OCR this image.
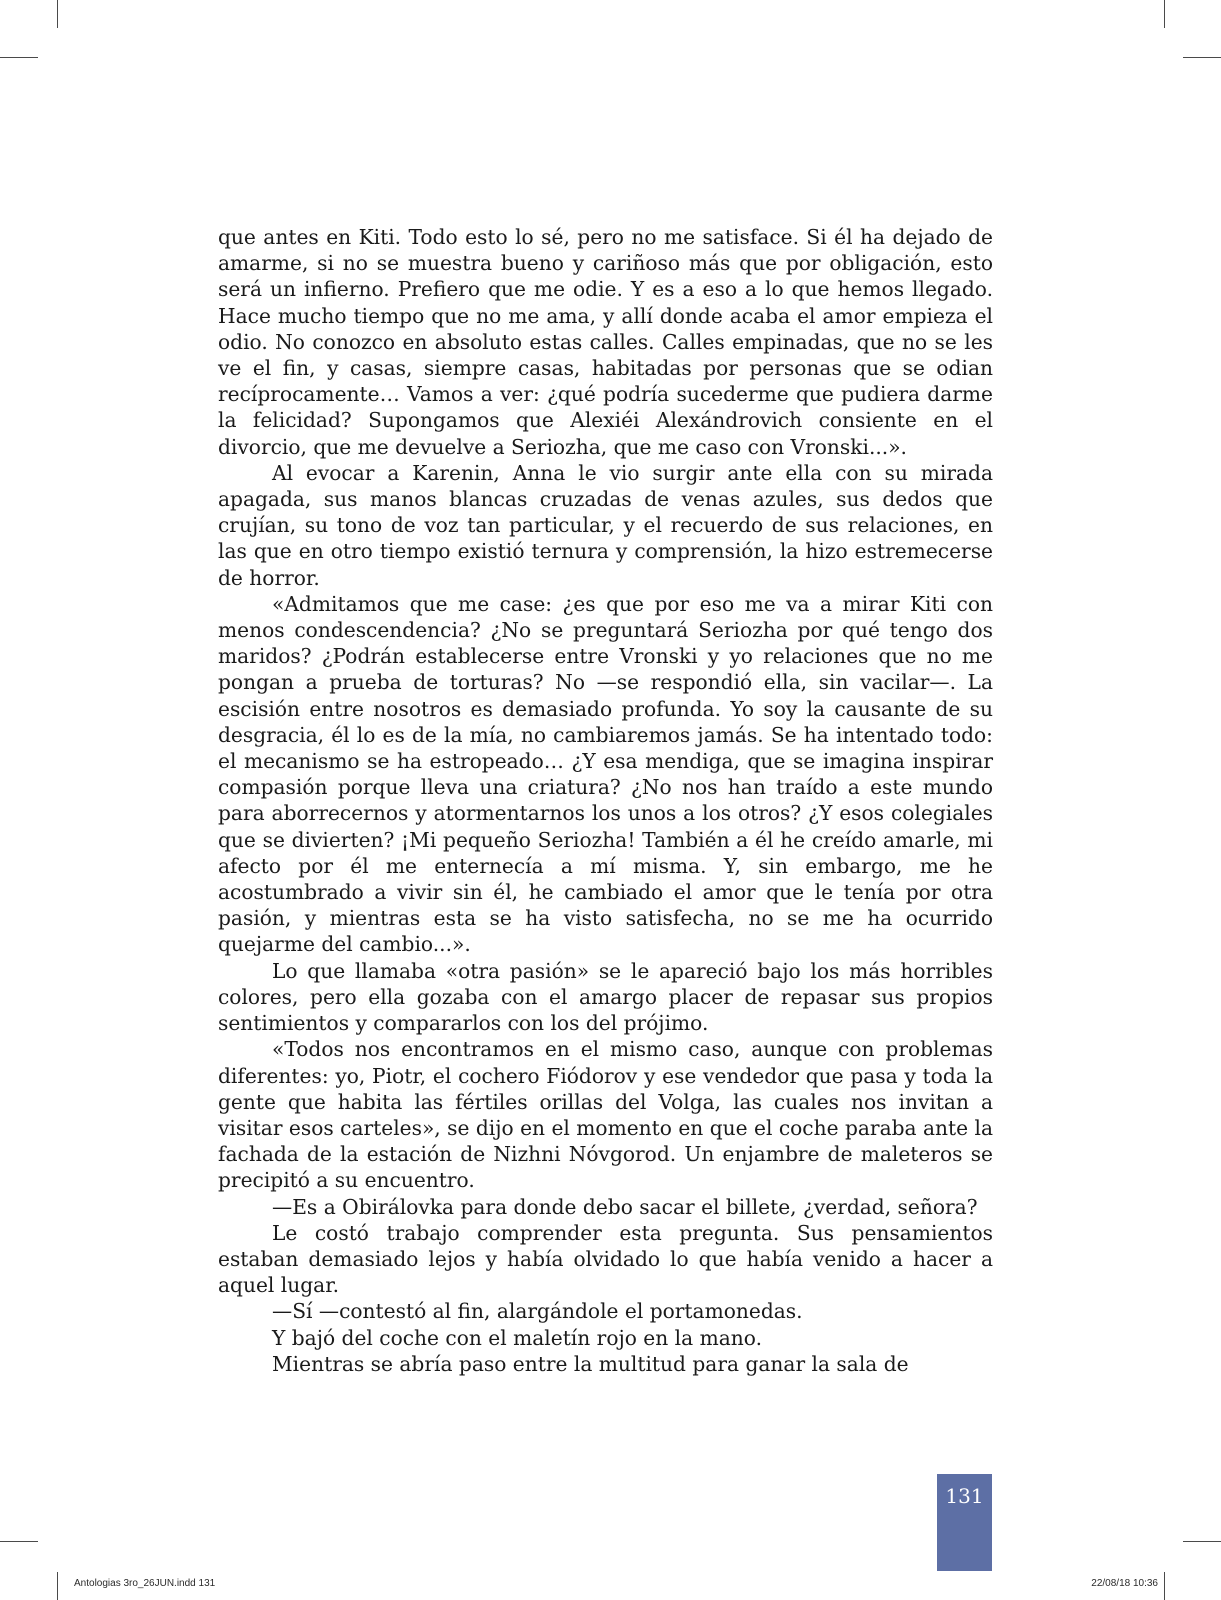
que antes en Kiti. Todo esto lo sé, pero no me satisface. Si él ha dejado de amarme, si no se muestra bueno y cariñoso más que por obligación, esto será un infierno. Prefiero que me odie. Y es a eso a lo que hemos llegado. Hace mucho tiempo que no me ama, y allí donde acaba el amor empieza el odio. No conozco en absoluto estas calles. Calles empinadas, que no se les ve el fin, y casas, siempre casas, habitadas por personas que se odian recíprocamente… Vamos a ver: ¿qué podría sucederme que pudiera darme la felicidad? Supongamos que Alexiéi Alexándrovich consiente en el divorcio, que me devuelve a Seriozha, que me caso con Vronski...».

Al evocar a Karenin, Anna le vio surgir ante ella con su mirada apagada, sus manos blancas cruzadas de venas azules, sus dedos que crujían, su tono de voz tan particular, y el recuerdo de sus relaciones, en las que en otro tiempo existió ternura y comprensión, la hizo estremecerse de horror.

«Admitamos que me case: ¿es que por eso me va a mirar Kiti con menos condescendencia? ¿No se preguntará Seriozha por qué tengo dos maridos? ¿Podrán establecerse entre Vronski y yo relaciones que no me pongan a prueba de torturas? No —se respondió ella, sin vacilar—. La escisión entre nosotros es demasiado profunda. Yo soy la causante de su desgracia, él lo es de la mía, no cambiaremos jamás. Se ha intentado todo: el mecanismo se ha estropeado… ¿Y esa mendiga, que se imagina inspirar compasión porque lleva una criatura? ¿No nos han traído a este mundo para aborrecernos y atormentarnos los unos a los otros? ¿Y esos colegiales que se divierten? ¡Mi pequeño Seriozha! También a él he creído amarle, mi afecto por él me enternecía a mí misma. Y, sin embargo, me he acostumbrado a vivir sin él, he cambiado el amor que le tenía por otra pasión, y mientras esta se ha visto satisfecha, no se me ha ocurrido quejarme del cambio...».

Lo que llamaba «otra pasión» se le apareció bajo los más horribles colores, pero ella gozaba con el amargo placer de repasar sus propios sentimientos y compararlos con los del prójimo.

«Todos nos encontramos en el mismo caso, aunque con problemas diferentes: yo, Piotr, el cochero Fiódorov y ese vendedor que pasa y toda la gente que habita las fértiles orillas del Volga, las cuales nos invitan a visitar esos carteles», se dijo en el momento en que el coche paraba ante la fachada de la estación de Nizhni Nóvgorod. Un enjambre de maleteros se precipitó a su encuentro.

—Es a Obirálovka para donde debo sacar el billete, ¿verdad, señora?

Le costó trabajo comprender esta pregunta. Sus pensamientos estaban demasiado lejos y había olvidado lo que había venido a hacer a aquel lugar.

—Sí —contestó al fin, alargándole el portamonedas.

Y bajó del coche con el maletín rojo en la mano.

Mientras se abría paso entre la multitud para ganar la sala de

131
Antologias 3ro_26JUN.indd 131	22/08/18 10:36
